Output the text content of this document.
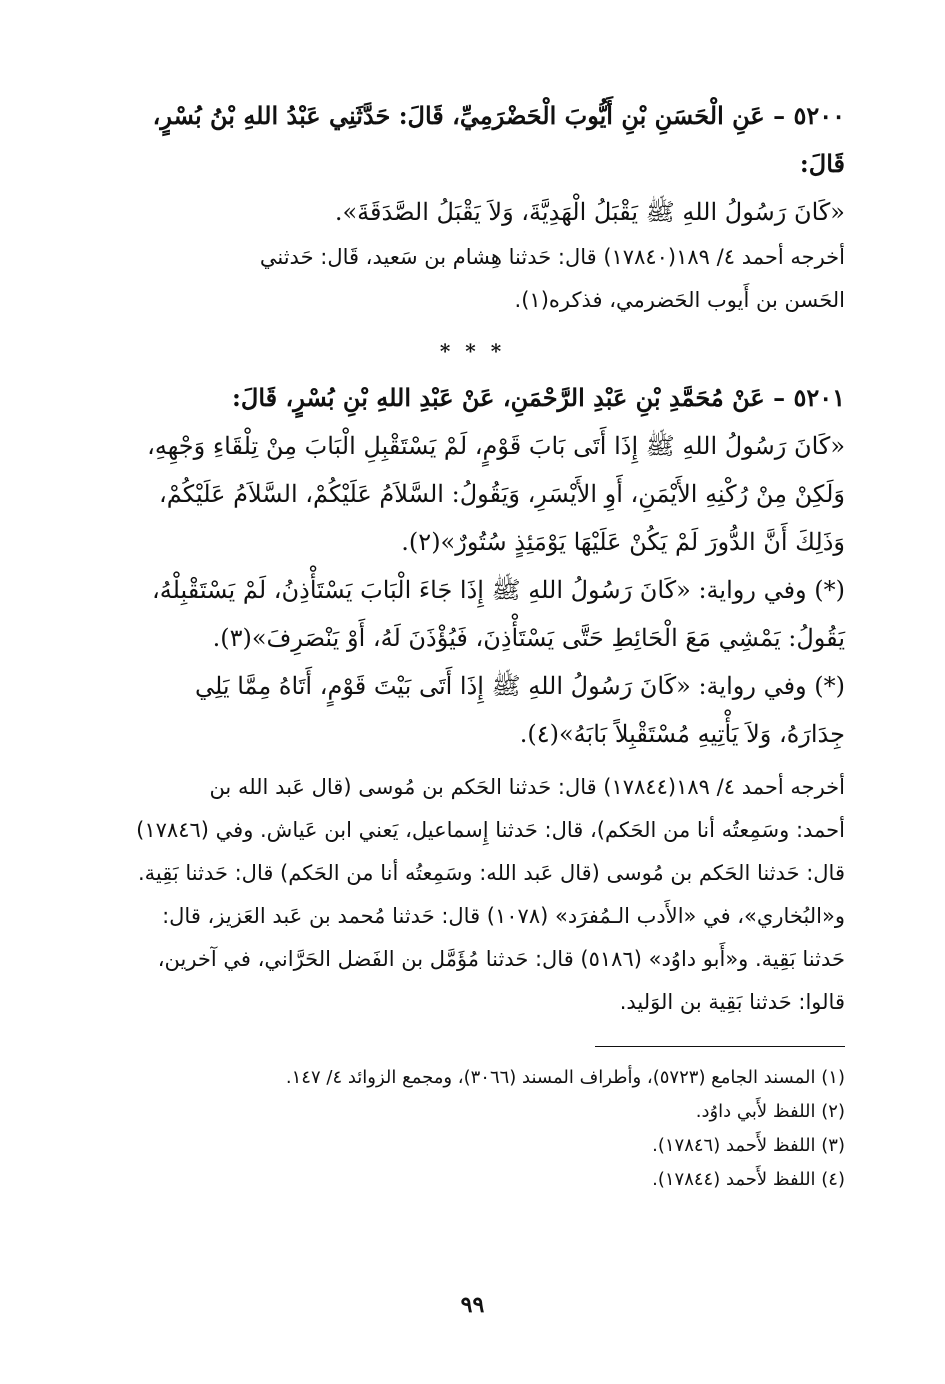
٥٢٠٠ – عَنِ الْحَسَنِ بْنِ أَيُّوبَ الْحَضْرَمِيِّ، قَالَ: حَدَّثَنِي عَبْدُ اللهِ بْنُ بُسْرٍ،

قَالَ:

«كَانَ رَسُولُ اللهِ ﷺ يَقْبَلُ الْهَدِيَّةَ، وَلاَ يَقْبَلُ الصَّدَقَةَ».

أخرجه أحمد ٤/ ١٨٩(١٧٨٤٠) قال: حَدثنا هِشام بن سَعيد، قَال: حَدثني

الحَسن بن أَيوب الحَضرمي، فذكره(١).

* * *

٥٢٠١ – عَنْ مُحَمَّدِ بْنِ عَبْدِ الرَّحْمَنِ، عَنْ عَبْدِ اللهِ بْنِ بُسْرٍ، قَالَ:

«كَانَ رَسُولُ اللهِ ﷺ إِذَا أَتَى بَابَ قَوْمٍ، لَمْ يَسْتَقْبِلِ الْبَابَ مِنْ تِلْقَاءِ وَجْهِهِ،

وَلَكِنْ مِنْ رُكْنِهِ الأَيْمَنِ، أَوِ الأَيْسَرِ، وَيَقُولُ: السَّلاَمُ عَلَيْكُمْ، السَّلاَمُ عَلَيْكُمْ،

وَذَلِكَ أَنَّ الدُّورَ لَمْ يَكُنْ عَلَيْهَا يَوْمَئِذٍ سُتُورٌ»(٢).

(*) وفي رواية: «كَانَ رَسُولُ اللهِ ﷺ إِذَا جَاءَ الْبَابَ يَسْتَأْذِنُ، لَمْ يَسْتَقْبِلْهُ،

يَقُولُ: يَمْشِي مَعَ الْحَائِطِ حَتَّى يَسْتَأْذِنَ، فَيُؤْذَنَ لَهُ، أَوْ يَنْصَرِفَ»(٣).

(*) وفي رواية: «كَانَ رَسُولُ اللهِ ﷺ إِذَا أَتَى بَيْتَ قَوْمٍ، أَتَاهُ مِمَّا يَلِي

جِدَارَهُ، وَلاَ يَأْتِيهِ مُسْتَقْبِلاً بَابَهُ»(٤).

أخرجه أحمد ٤/ ١٨٩(١٧٨٤٤) قال: حَدثنا الحَكم بن مُوسى (قال عَبد الله بن

أحمد: وسَمِعتُه أنا من الحَكم)، قال: حَدثنا إِسماعيل، يَعني ابن عَياش. وفي (١٧٨٤٦)

قال: حَدثنا الحَكم بن مُوسى (قال عَبد الله: وسَمِعتُه أنا من الحَكم) قال: حَدثنا بَقِية.

و«البُخاري»، في «الأَدب الـمُفرَد» (١٠٧٨) قال: حَدثنا مُحمد بن عَبد العَزيز، قال:

حَدثنا بَقِية. و«أَبو داوُد» (٥١٨٦) قال: حَدثنا مُؤَمَّل بن الفَضل الحَرَّاني، في آخرين،

قالوا: حَدثنا بَقِية بن الوَليد.

(١) المسند الجامع (٥٧٢٣)، وأطراف المسند (٣٠٦٦)، ومجمع الزوائد ٤/ ١٤٧.

(٢) اللفظ لأَبي داوُد.

(٣) اللفظ لأَحمد (١٧٨٤٦).

(٤) اللفظ لأَحمد (١٧٨٤٤).

٩٩
